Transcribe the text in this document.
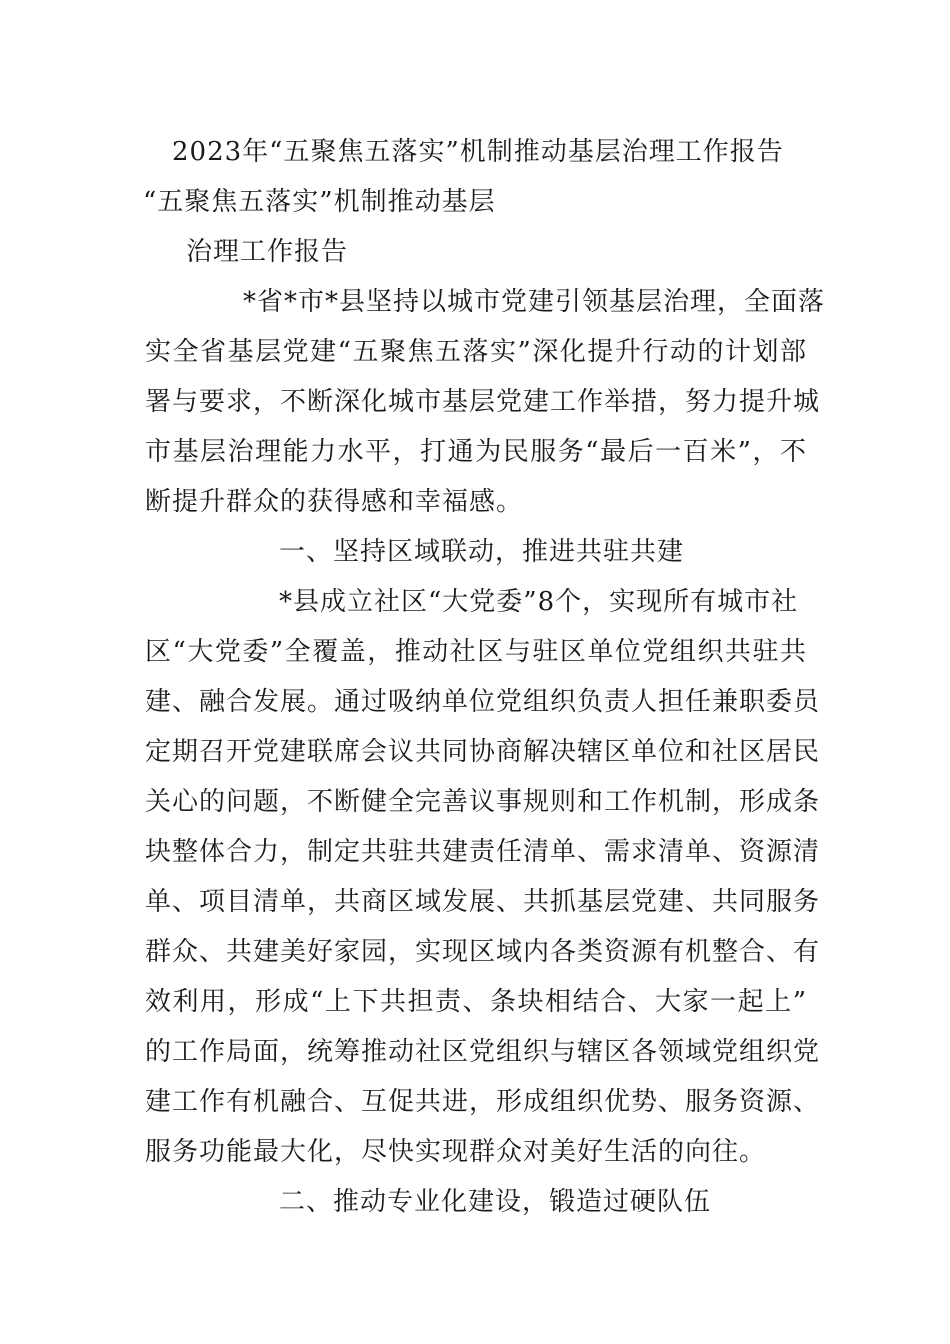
2023年“五聚焦五落实”机制推动基层治理工作报告
“五聚焦五落实”机制推动基层
治理工作报告
*省*市*县坚持以城市党建引领基层治理，全面落
实全省基层党建“五聚焦五落实”深化提升行动的计划部
署与要求，不断深化城市基层党建工作举措，努力提升城
市基层治理能力水平，打通为民服务“最后一百米”，不
断提升群众的获得感和幸福感。
一、坚持区域联动，推进共驻共建
*县成立社区“大党委”8个，实现所有城市社
区“大党委”全覆盖，推动社区与驻区单位党组织共驻共
建、融合发展。通过吸纳单位党组织负责人担任兼职委员
定期召开党建联席会议共同协商解决辖区单位和社区居民
关心的问题，不断健全完善议事规则和工作机制，形成条
块整体合力，制定共驻共建责任清单、需求清单、资源清
单、项目清单，共商区域发展、共抓基层党建、共同服务
群众、共建美好家园，实现区域内各类资源有机整合、有
效利用，形成“上下共担责、条块相结合、大家一起上”
的工作局面，统筹推动社区党组织与辖区各领域党组织党
建工作有机融合、互促共进，形成组织优势、服务资源、
服务功能最大化，尽快实现群众对美好生活的向往。
二、推动专业化建设，锻造过硬队伍
